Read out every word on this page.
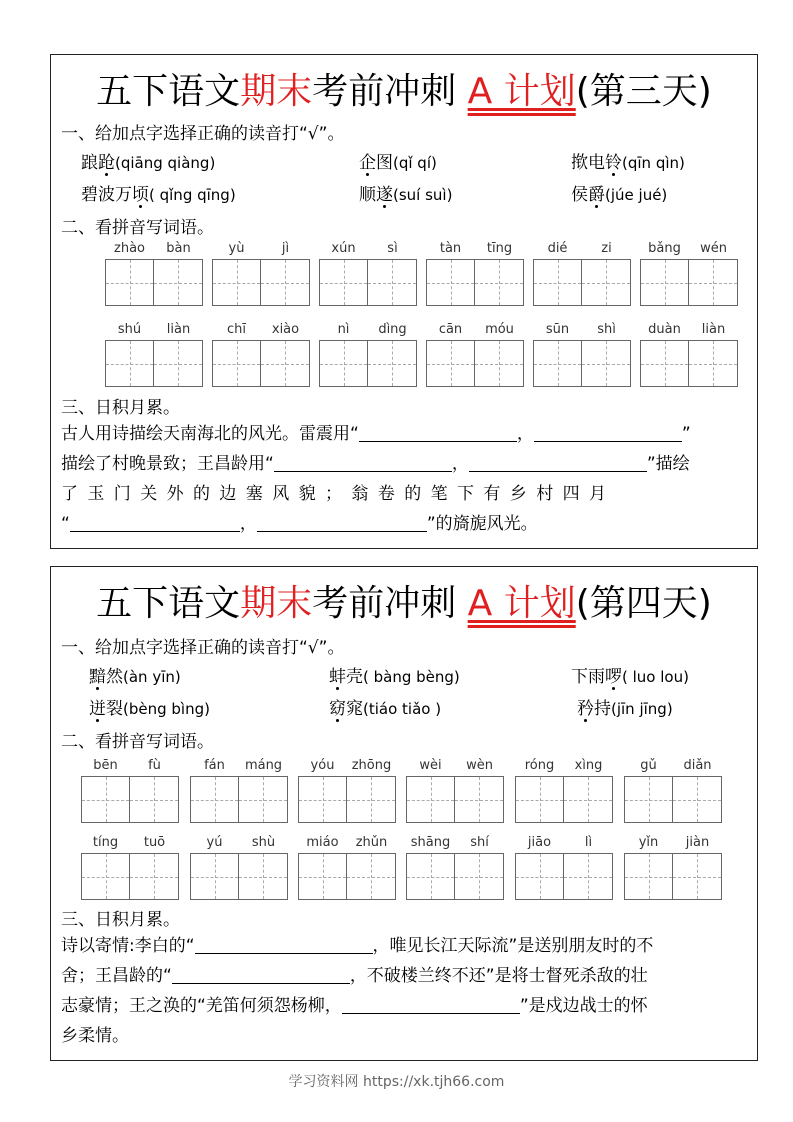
五下语文期末考前冲刺 A 计划(第三天)
一、给加点字选择正确的读音打“√”。
踉跄(qiāng qiàng)	企图(qǐ qí)	揿电铃(qīn qìn)
碧波万顷( qǐng qīng)	顺遂(suí suì)	侯爵(júe jué)
二、看拼音写词语。
zhào	bàn	yù	jì	xún	sì	tàn	tīng	dié	zi	bǎng	wén
shú	liàn	chī	xiào	nì	dìng	cān	móu	sūn	shì	duàn	liàn
三、日积月累。

古人用诗描绘天南海北的风光。雷震用“	，	”

描绘了村晚景致；王昌龄用“	，	”描绘

了玉门关外的边塞风貌；翁卷的笔下有乡村四月

“	，	”的旖旎风光。

五下语文期末考前冲刺 A 计划(第四天)
一、给加点字选择正确的读音打“√”。
黯然(àn yīn)	蚌壳( bàng bèng)	下雨啰( luo lou)
迸裂(bèng bìng)	窈窕(tiáo tiǎo )	矜持(jīn jīng)
二、看拼音写词语。
bēn	fù	fán	máng	yóu	zhōng	wèi	wèn	róng	xìng	gǔ	diǎn
tíng	tuō	yú	shù	miáo	zhǔn	shāng	shí	jiāo	lì	yǐn	jiàn
三、日积月累。

诗以寄情:李白的“	，唯见长江天际流”是送别朋友时的不

舍；王昌龄的“	，不破楼兰终不还”是将士督死杀敌的壮

志豪情；王之涣的“羌笛何须怨杨柳，	”是戍边战士的怀

乡柔情。

学习资料网 https://xk.tjh66.com
